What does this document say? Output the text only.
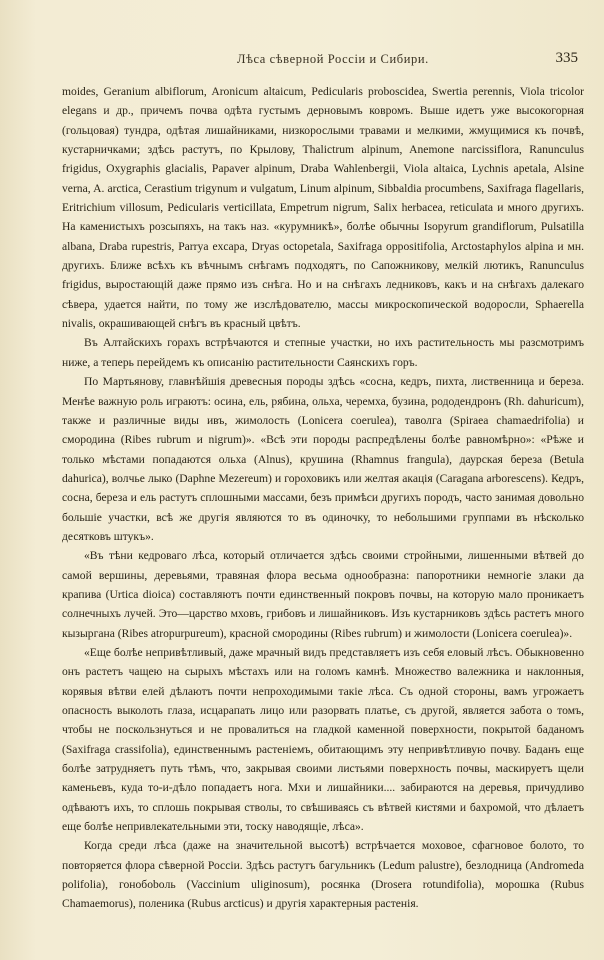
Лѣса сѣверной Россіи и Сибири.	335

moides, Geranium albiflorum, Aronicum altaicum, Pedicularis proboscidea, Swertia perennis, Viola tricolor elegans и др., причемъ почва одѣта густымъ дерновымъ ковромъ. Выше идетъ уже высокогорная (гольцовая) тундра, одѣтая лишайниками, низкорослыми травами и мелкими, жмущимися къ почвѣ, кустарничками; здѣсь растутъ, по Крылову, Thalictrum alpinum, Anemone narcissiflora, Ranunculus frigidus, Oxygraphis glacialis, Papaver alpinum, Draba Wahlenbergii, Viola altaica, Lychnis apetala, Alsine verna, A. arctica, Cerastium trigynum и vulgatum, Linum alpinum, Sibbaldia procumbens, Saxifraga flagellaris, Eritrichium villosum, Pedicularis verticillata, Empetrum nigrum, Salix herbacea, reticulata и много другихъ. На каменистыхъ розсыпяхъ, на такъ наз. «курумникѣ», болѣе обычны Isopyrum grandiflorum, Pulsatilla albana, Draba rupestris, Parrya excapa, Dryas octopetala, Saxifraga oppositifolia, Arctostaphylos alpina и мн. другихъ. Ближе всѣхъ къ вѣчнымъ снѣгамъ подходятъ, по Сапожникову, мелкій лютикъ, Ranunculus frigidus, выростающій даже прямо изъ снѣга. Но и на снѣгахъ ледниковъ, какъ и на снѣгахъ далекаго сѣвера, удается найти, по тому же изслѣдователю, массы микроскопической водоросли, Sphaerella nivalis, окрашивающей снѣгъ въ красный цвѣтъ.

Въ Алтайскихъ горахъ встрѣчаются и степные участки, но ихъ растительность мы разсмотримъ ниже, а теперь перейдемъ къ описанію растительности Саянскихъ горъ.

По Мартьянову, главнѣйшія древесныя породы здѣсь «сосна, кедръ, пихта, лиственница и береза. Менѣе важную роль играютъ: осина, ель, рябина, ольха, черемха, бузина, рододендронъ (Rh. dahuricum), также и различные виды ивъ, жимолость (Lonicera coerulea), таволга (Spiraea chamaedrifolia) и смородина (Ribes rubrum и nigrum)». «Всѣ эти породы распредѣлены болѣе равномѣрно»: «Рѣже и только мѣстами попадаются ольха (Alnus), крушина (Rhamnus frangula), даурская береза (Betula dahurica), волчье лыко (Daphne Mezereum) и гороховикъ или желтая акація (Caragana arborescens). Кедръ, сосна, береза и ель растутъ сплошными массами, безъ примѣси другихъ породъ, часто занимая довольно большіе участки, всѣ же другія являются то въ одиночку, то небольшими группами въ нѣсколько десятковъ штукъ».

«Въ тѣни кедроваго лѣса, который отличается здѣсь своими стройными, лишенными вѣтвей до самой вершины, деревьями, травяная флора весьма однообразна: папоротники немногіе злаки да крапива (Urtica dioica) составляютъ почти единственный покровъ почвы, на которую мало проникаетъ солнечныхъ лучей. Это—царство мховъ, грибовъ и лишайниковъ. Изъ кустарниковъ здѣсь растетъ много кызыргана (Ribes atropurpureum), красной смородины (Ribes rubrum) и жимолости (Lonicera coerulea)».

«Еще болѣе непривѣтливый, даже мрачный видъ представляетъ изъ себя еловый лѣсъ. Обыкновенно онъ растетъ чащею на сырыхъ мѣстахъ или на голомъ камнѣ. Множество валежника и наклонныя, корявыя вѣтви елей дѣлаютъ почти непроходимыми такіе лѣса. Съ одной стороны, вамъ угрожаетъ опасность выколоть глаза, исцарапать лицо или разорвать платье, съ другой, является забота о томъ, чтобы не поскользнуться и не провалиться на гладкой каменной поверхности, покрытой баданомъ (Saxifraga crassifolia), единственнымъ растеніемъ, обитающимъ эту непривѣтливую почву. Баданъ еще болѣе затрудняетъ путь тѣмъ, что, закрывая своими листьями поверхность почвы, маскируетъ щели каменьевъ, куда то-и-дѣло попадаетъ нога. Мхи и лишайники.... забираются на деревья, причудливо одѣваютъ ихъ, то сплошь покрывая стволы, то свѣшиваясь съ вѣтвей кистями и бахромой, что дѣлаетъ еще болѣе непривлекательными эти, тоску наводящіе, лѣса».

Когда среди лѣса (даже на значительной высотѣ) встрѣчается моховое, сфагновое болото, то повторяется флора сѣверной Россіи. Здѣсь растутъ багульникъ (Ledum palustre), безлодница (Andromeda polifolia), гонобоboль (Vaccinium uliginosum), росянка (Drosera rotundifolia), морошка (Rubus Chamaemorus), поленика (Rubus arcticus) и другія характерныя растенія.
